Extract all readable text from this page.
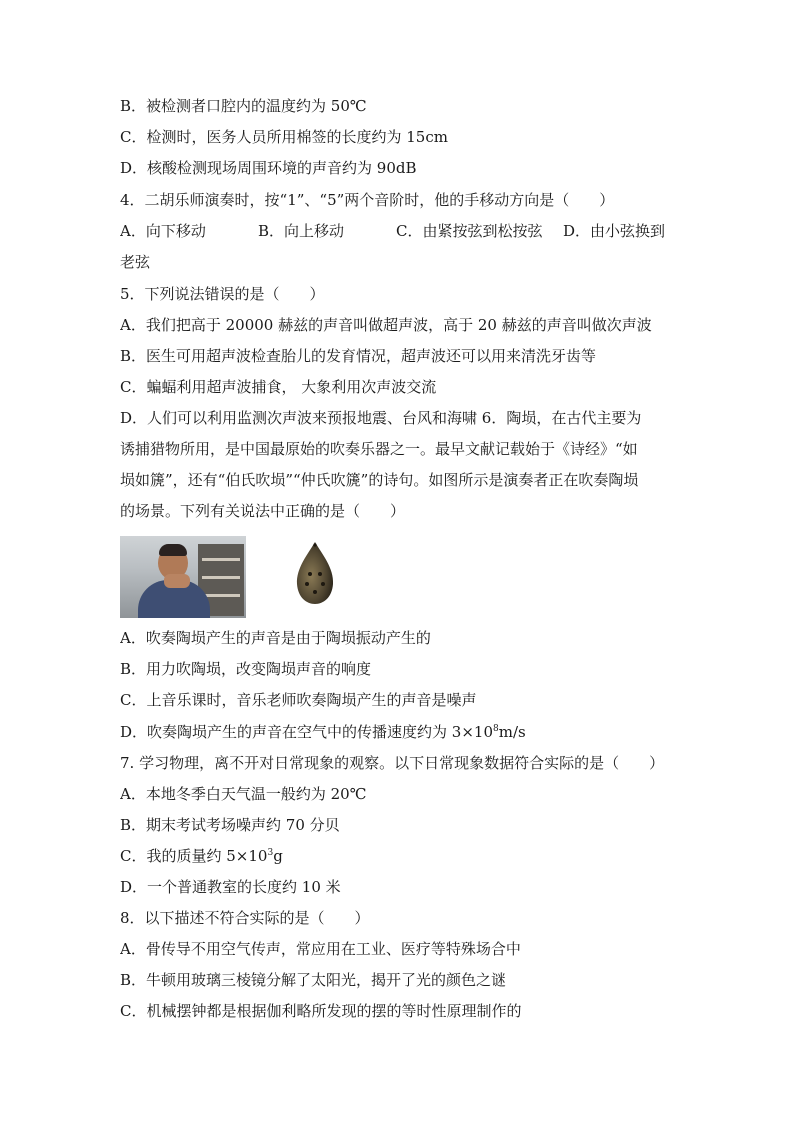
B．被检测者口腔内的温度约为 50℃
C．检测时，医务人员所用棉签的长度约为 15cm
D．核酸检测现场周围环境的声音约为 90dB
4．二胡乐师演奏时，按“1”、“5”两个音阶时，他的手移动方向是（　　）
A．向下移动	B．向上移动	C．由紧按弦到松按弦	D．由小弦换到
老弦
5．下列说法错误的是（　　）
A．我们把高于 20000 赫兹的声音叫做超声波，高于 20 赫兹的声音叫做次声波
B．医生可用超声波检查胎儿的发育情况，超声波还可以用来清洗牙齿等
C．蝙蝠利用超声波捕食， 大象利用次声波交流
D．人们可以利用监测次声波来预报地震、台风和海啸 6．陶埙，在古代主要为
诱捕猎物所用，是中国最原始的吹奏乐器之一。最早文献记载始于《诗经》“如
埙如篪”，还有“伯氏吹埙”“仲氏吹篪”的诗句。如图所示是演奏者正在吹奏陶埙
的场景。下列有关说法中正确的是（　　）
A．吹奏陶埙产生的声音是由于陶埙振动产生的
B．用力吹陶埙，改变陶埙声音的响度
C．上音乐课时，音乐老师吹奏陶埙产生的声音是噪声
D．吹奏陶埙产生的声音在空气中的传播速度约为 $3\times 10^8m/s$
7. 学习物理，离不开对日常现象的观察。以下日常现象数据符合实际的是（　　）
A．本地冬季白天气温一般约为 20℃
B．期末考试考场噪声约 70 分贝
C．我的质量约 $5\times 10^3g$
D．一个普通教室的长度约 10 米
8．以下描述不符合实际的是（　　）
A．骨传导不用空气传声，常应用在工业、医疗等特殊场合中
B．牛顿用玻璃三棱镜分解了太阳光，揭开了光的颜色之谜
C．机械摆钟都是根据伽利略所发现的摆的等时性原理制作的
